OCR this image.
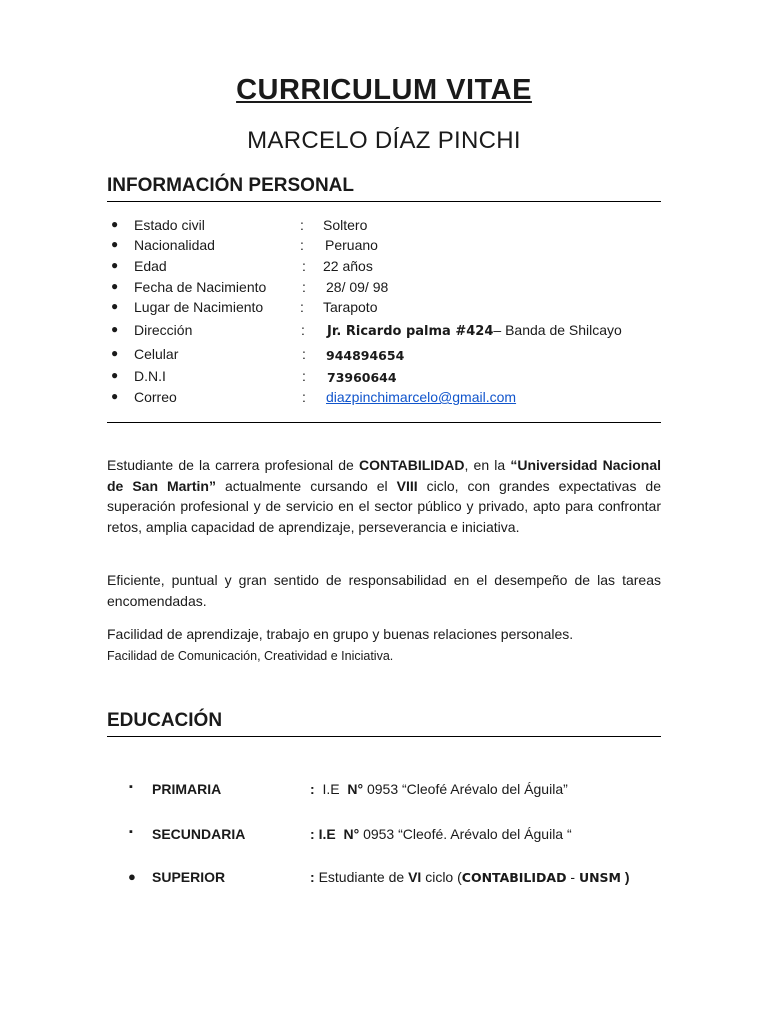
CURRICULUM VITAE
MARCELO DÍAZ PINCHI
INFORMACIÓN PERSONAL
● Estado civil	: Soltero
● Nacionalidad	: Peruano
● Edad	: 22 años
● Fecha de Nacimiento	: 28/ 09/ 98
● Lugar de Nacimiento	: Tarapoto
● Dirección	: Jr. Ricardo palma #424– Banda de Shilcayo
● Celular	: 944894654
● D.N.I	: 73960644
● Correo	: diazpinchimarcelo@gmail.com
Estudiante de la carrera profesional de CONTABILIDAD, en la “Universidad Nacional de San Martin” actualmente cursando el VIII ciclo, con grandes expectativas de superación profesional y de servicio en el sector público y privado, apto para confrontar retos, amplia capacidad de aprendizaje, perseverancia e iniciativa.
Eficiente, puntual y gran sentido de responsabilidad en el desempeño de las tareas encomendadas.
Facilidad de aprendizaje, trabajo en grupo y buenas relaciones personales.
Facilidad de Comunicación, Creatividad e Iniciativa.
EDUCACIÓN
▪ PRIMARIA	: I.E N° 0953 “Cleofé Arévalo del Águila”
▪ SECUNDARIA	: I.E N° 0953 “Cleofé. Arévalo del Águila “
● SUPERIOR	: Estudiante de VI ciclo (CONTABILIDAD - UNSM )
